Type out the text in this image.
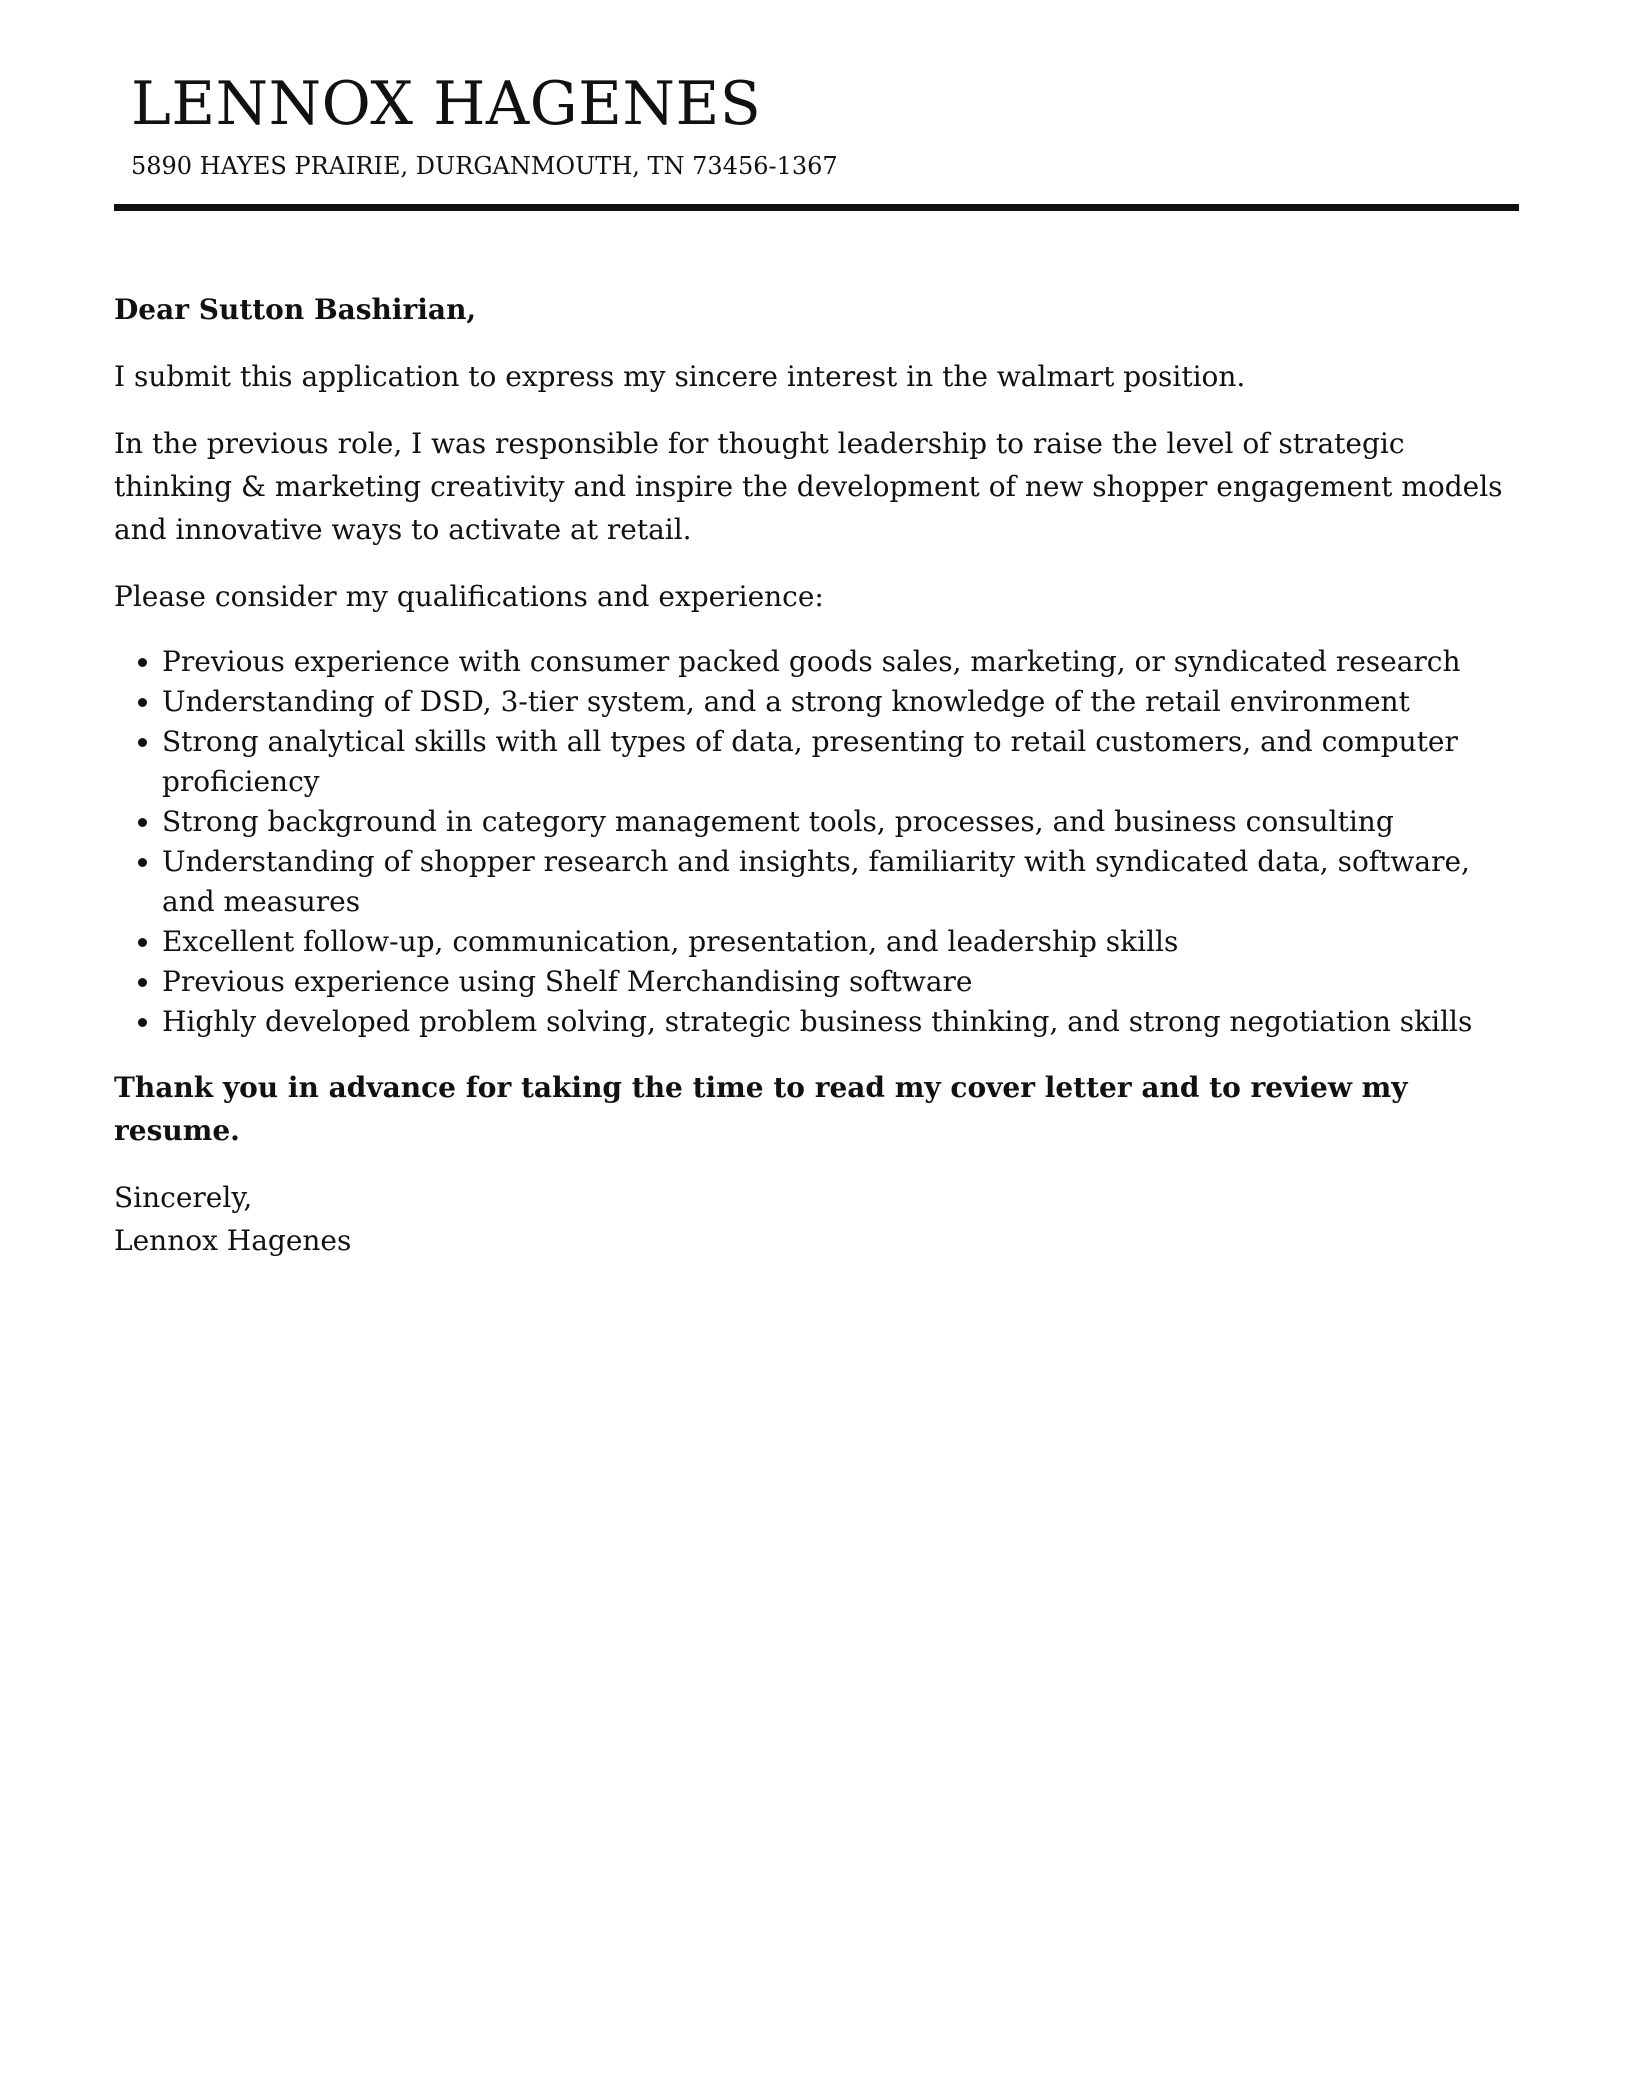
LENNOX HAGENES
5890 HAYES PRAIRIE, DURGANMOUTH, TN 73456-1367

Dear Sutton Bashirian,

I submit this application to express my sincere interest in the walmart position.

In the previous role, I was responsible for thought leadership to raise the level of strategic thinking & marketing creativity and inspire the development of new shopper engagement models and innovative ways to activate at retail.

Please consider my qualifications and experience:

• Previous experience with consumer packed goods sales, marketing, or syndicated research
• Understanding of DSD, 3-tier system, and a strong knowledge of the retail environment
• Strong analytical skills with all types of data, presenting to retail customers, and computer proficiency
• Strong background in category management tools, processes, and business consulting
• Understanding of shopper research and insights, familiarity with syndicated data, software, and measures
• Excellent follow-up, communication, presentation, and leadership skills
• Previous experience using Shelf Merchandising software
• Highly developed problem solving, strategic business thinking, and strong negotiation skills

Thank you in advance for taking the time to read my cover letter and to review my resume.

Sincerely,
Lennox Hagenes
